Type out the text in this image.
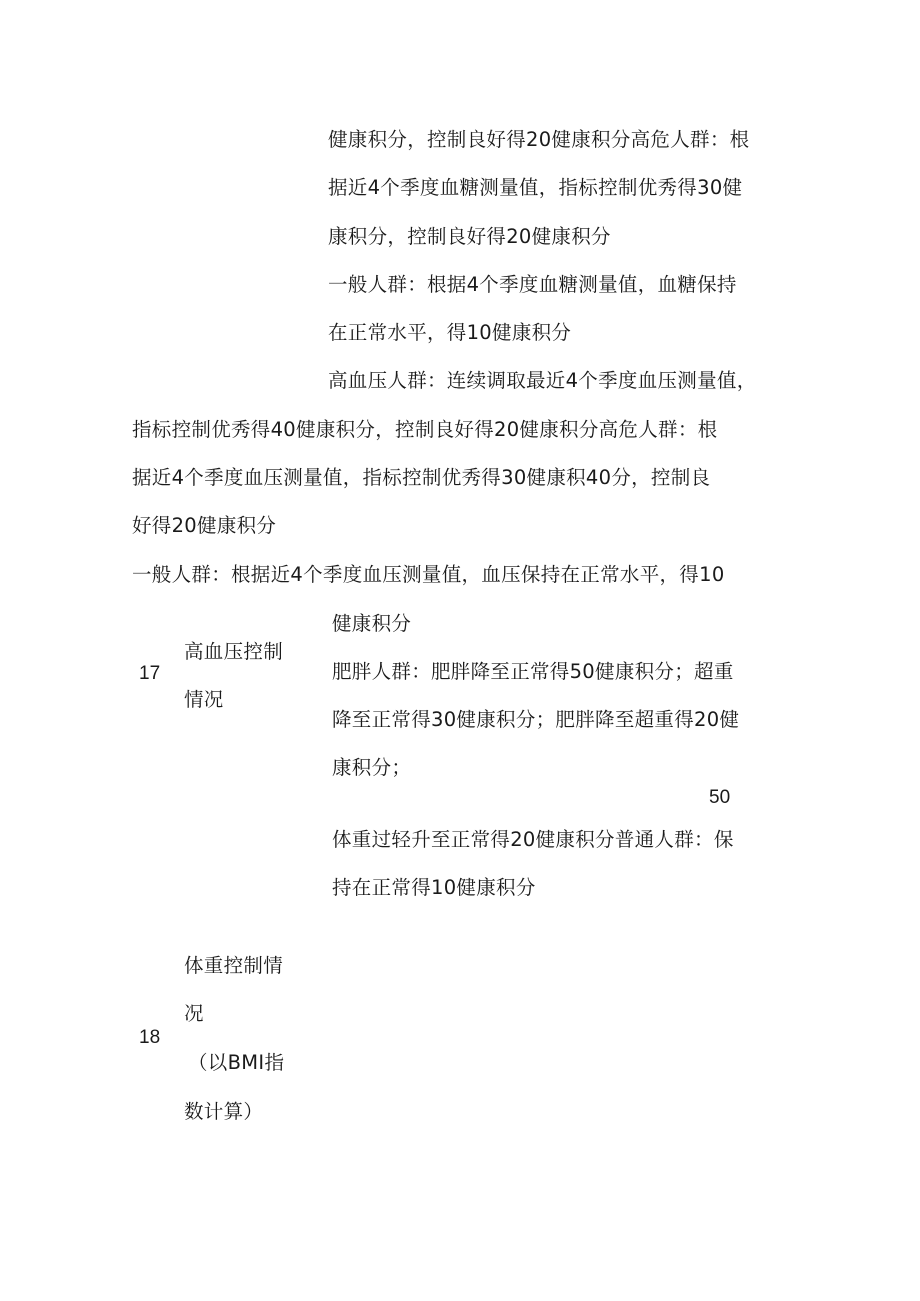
健康积分，控制良好得20健康积分高危人群：根
据近4个季度血糖测量值，指标控制优秀得30健
康积分，控制良好得20健康积分
一般人群：根据4个季度血糖测量值，血糖保持
在正常水平，得10健康积分
高血压人群：连续调取最近4个季度血压测量值，
指标控制优秀得40健康积分，控制良好得20健康积分高危人群：根
据近4个季度血压测量值，指标控制优秀得30健康积40分，控制良
好得20健康积分
一般人群：根据近4个季度血压测量值，血压保持在正常水平，得10
健康积分
高血压控制
17	肥胖人群：肥胖降至正常得50健康积分；超重
情况
降至正常得30健康积分；肥胖降至超重得20健
康积分；
50
体重过轻升至正常得20健康积分普通人群：保
持在正常得10健康积分
体重控制情
况
18
（以BMI指
数计算）
